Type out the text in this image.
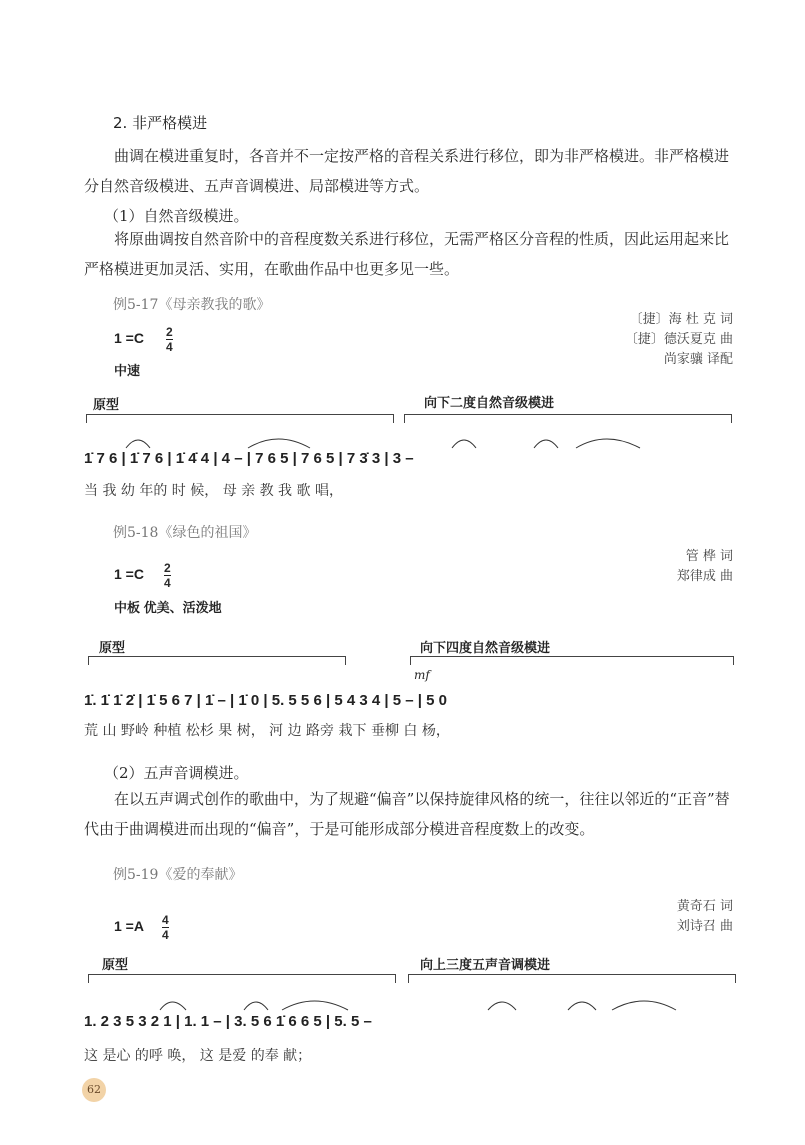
2. 非严格模进
曲调在模进重复时，各音并不一定按严格的音程关系进行移位，即为非严格模进。非严格模进分自然音级模进、五声音调模进、局部模进等方式。
（1）自然音级模进。
将原曲调按自然音阶中的音程度数关系进行移位，无需严格区分音程的性质，因此运用起来比严格模进更加灵活、实用，在歌曲作品中也更多见一些。
例5-17《母亲教我的歌》
〔捷〕海 杜 克 词
〔捷〕德沃夏克 曲
尚家骧 译配
1 =C 2
4
中速
原型	向下二度自然音级模进
1̇ 7 6 | 1̇ 7 6 | 1̇ 4̇ 4 | 4 – | 7 6 5 | 7 6 5 | 7 3̇ 3 | 3 –
当 我 幼 年的 时 候， 母 亲 教 我 歌 唱，
例5-18《绿色的祖国》
管 桦 词
郑律成 曲
1 =C 2
4
中板 优美、活泼地
原型	向下四度自然音级模进
mf
1̇. 1̇ 1̇ 2̇ | 1̇ 5 6 7 | 1̇ – | 1̇ 0 | 5. 5 5 6 | 5 4 3 4 | 5 – | 5 0
荒 山 野岭 种植 松杉 果 树， 河 边 路旁 栽下 垂柳 白 杨，
（2）五声音调模进。
在以五声调式创作的歌曲中，为了规避“偏音”以保持旋律风格的统一，往往以邻近的“正音”替代由于曲调模进而出现的“偏音”，于是可能形成部分模进音程度数上的改变。
例5-19《爱的奉献》
黄奇石 词
刘诗召 曲
1 =A 4
4
原型	向上三度五声音调模进
1. 2 3 5 3 2 1 | 1. 1 – | 3. 5 6 1̇ 6 6 5 | 5. 5 –
这 是心 的呼 唤， 这 是爱 的奉 献；
62
